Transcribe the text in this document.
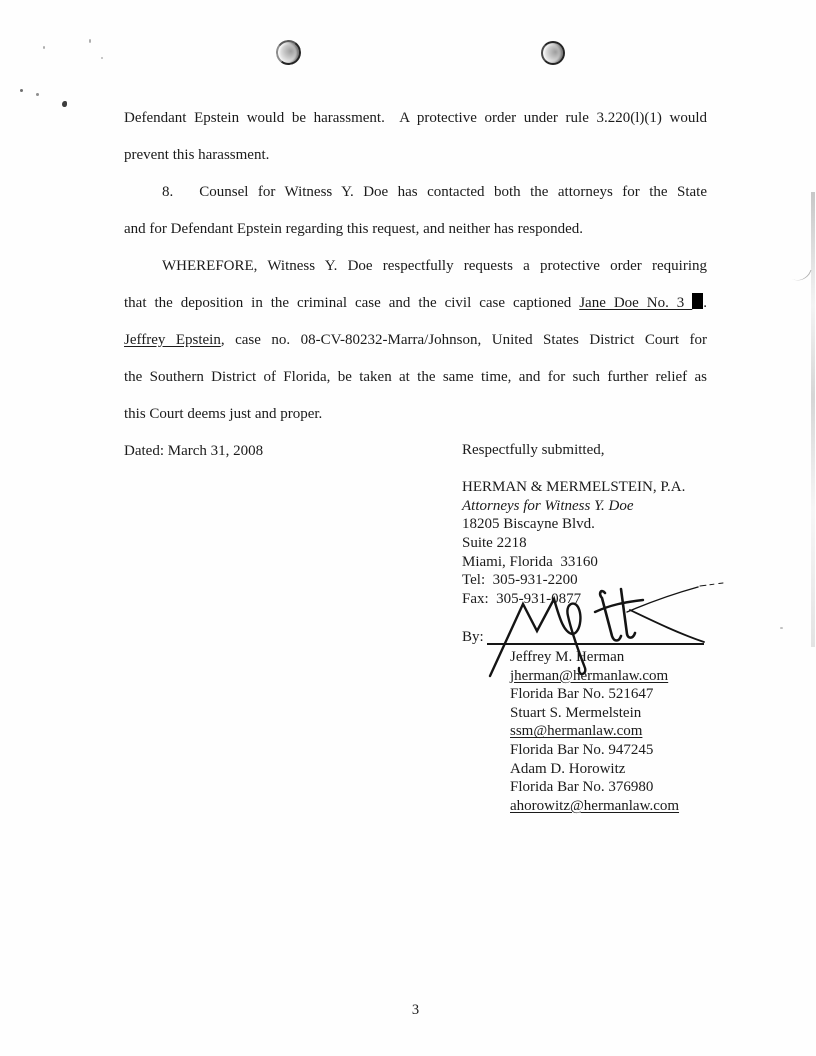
Defendant Epstein would be harassment.  A protective order under rule 3.220(l)(1) would
prevent this harassment.
8. Counsel for Witness Y. Doe has contacted both the attorneys for the State
and for Defendant Epstein regarding this request, and neither has responded.
WHEREFORE, Witness Y. Doe respectfully requests a protective order requiring
that the deposition in the criminal case and the civil case captioned Jane Doe No. 3 .
Jeffrey Epstein, case no. 08-CV-80232-Marra/Johnson, United States District Court for
the Southern District of Florida, be taken at the same time, and for such further relief as
this Court deems just and proper.
Dated: March 31, 2008	Respectfully submitted,
HERMAN & MERMELSTEIN, P.A.
Attorneys for Witness Y. Doe
18205 Biscayne Blvd.
Suite 2218
Miami, Florida  33160
Tel:  305-931-2200
Fax:  305-931-0877
By:
Jeffrey M. Herman
jherman@hermanlaw.com
Florida Bar No. 521647
Stuart S. Mermelstein
ssm@hermanlaw.com
Florida Bar No. 947245
Adam D. Horowitz
Florida Bar No. 376980
ahorowitz@hermanlaw.com
3
